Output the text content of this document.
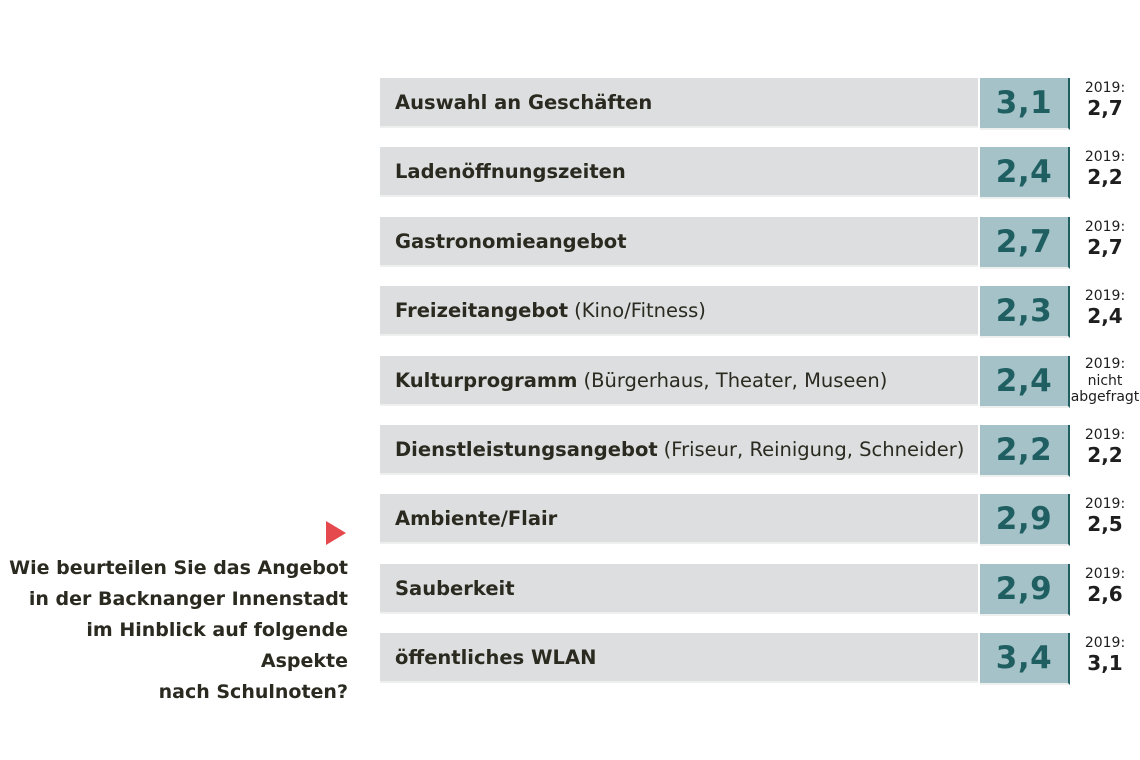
Wie beurteilen Sie das Angebot
in der Backnanger Innenstadt
im Hinblick auf folgende Aspekte
nach Schulnoten?
Auswahl an Geschäften	3,1	2019:
2,7
Ladenöffnungszeiten	2,4	2019:
2,2
Gastronomieangebot	2,7	2019:
2,7
Freizeitangebot (Kino/Fitness)	2,3	2019:
2,4
Kulturprogramm (Bürgerhaus, Theater, Museen)	2,4	2019:
nicht abgefragt
Dienstleistungsangebot (Friseur, Reinigung, Schneider)	2,2	2019:
2,2
Ambiente/Flair	2,9	2019:
2,5
Sauberkeit	2,9	2019:
2,6
öffentliches WLAN	3,4	2019:
3,1
